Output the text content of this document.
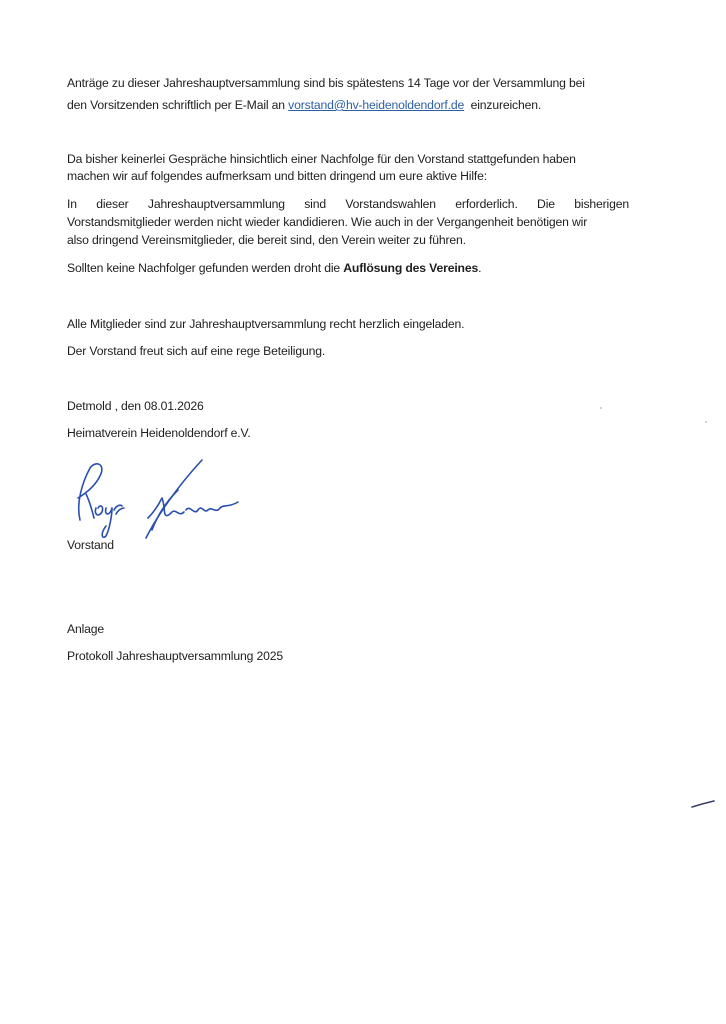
Anträge zu dieser Jahreshauptversammlung sind bis spätestens 14 Tage vor der Versammlung bei
den Vorsitzenden schriftlich per E-Mail an vorstand@hv-heidenoldendorf.de  einzureichen.
Da bisher keinerlei Gespräche hinsichtlich einer Nachfolge für den Vorstand stattgefunden haben
machen wir auf folgendes aufmerksam und bitten dringend um eure aktive Hilfe:
In dieser Jahreshauptversammlung sind Vorstandswahlen erforderlich. Die bisherigen
Vorstandsmitglieder werden nicht wieder kandidieren. Wie auch in der Vergangenheit benötigen wir
also dringend Vereinsmitglieder, die bereit sind, den Verein weiter zu führen.
Sollten keine Nachfolger gefunden werden droht die Auflösung des Vereines.
Alle Mitglieder sind zur Jahreshauptversammlung recht herzlich eingeladen.
Der Vorstand freut sich auf eine rege Beteiligung.
Detmold , den 08.01.2026
Heimatverein Heidenoldendorf e.V.
Vorstand
Anlage
Protokoll Jahreshauptversammlung 2025
